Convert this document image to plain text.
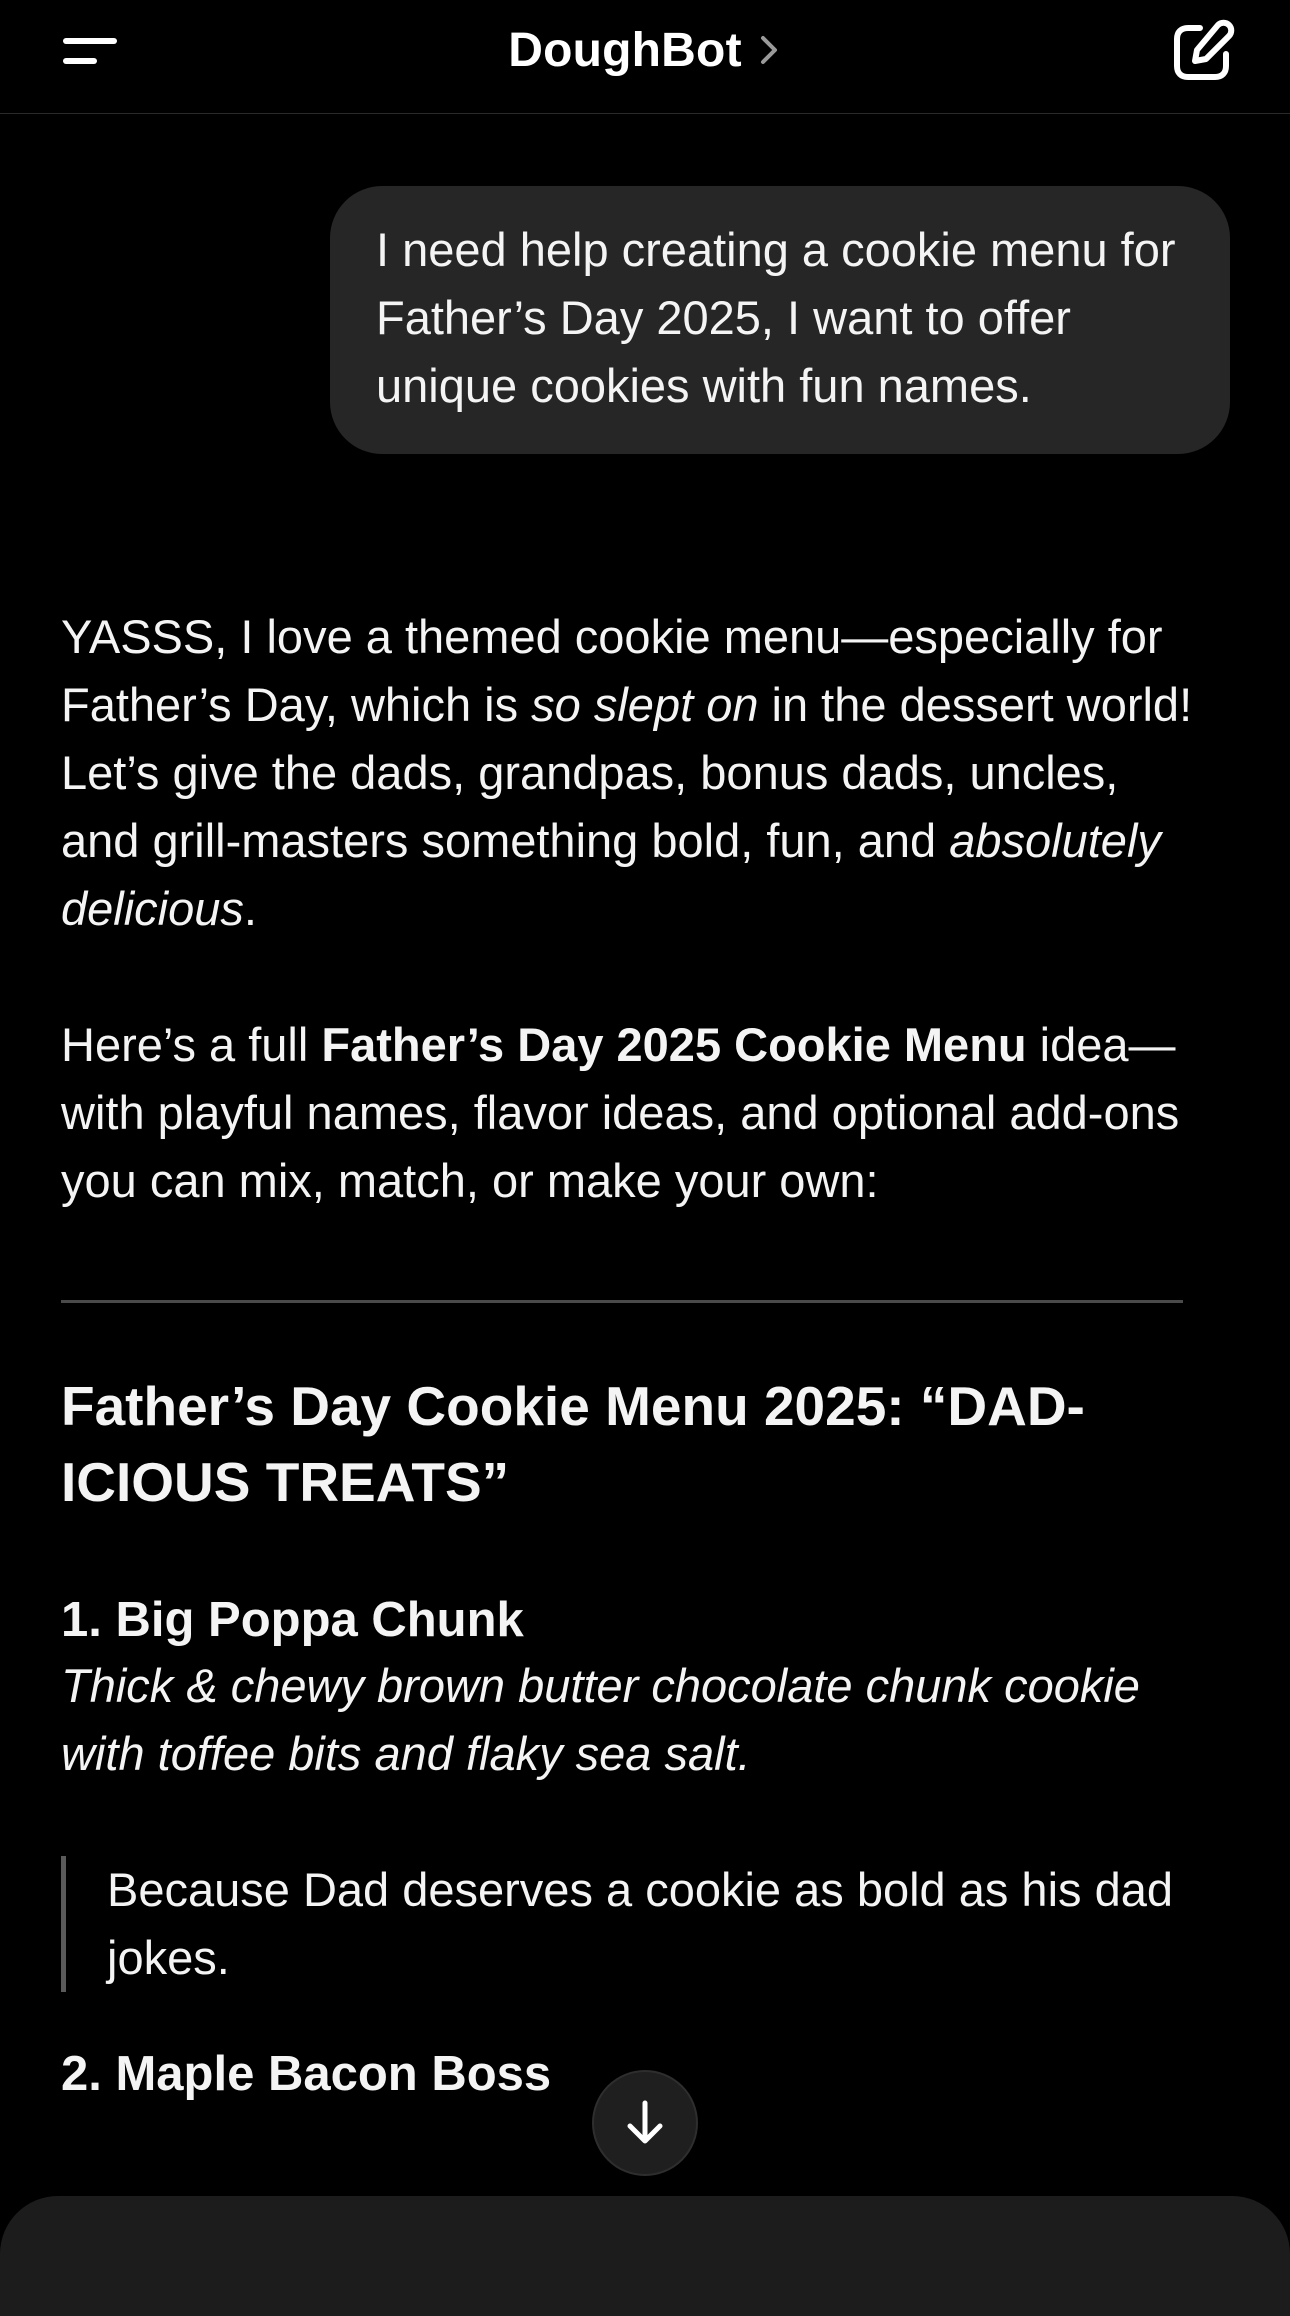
DoughBot
I need help creating a cookie menu for Father’s Day 2025, I want to offer unique cookies with fun names.

YASSS, I love a themed cookie menu—especially for Father’s Day, which is so slept on in the dessert world! Let’s give the dads, grandpas, bonus dads, uncles, and grill-masters something bold, fun, and absolutely delicious.

Here’s a full Father’s Day 2025 Cookie Menu idea—with playful names, flavor ideas, and optional add-ons you can mix, match, or make your own:

Father’s Day Cookie Menu 2025: “DAD-ICIOUS TREATS”

1. Big Poppa Chunk

Thick & chewy brown butter chocolate chunk cookie with toffee bits and flaky sea salt.

Because Dad deserves a cookie as bold as his dad jokes.

2. Maple Bacon Boss
